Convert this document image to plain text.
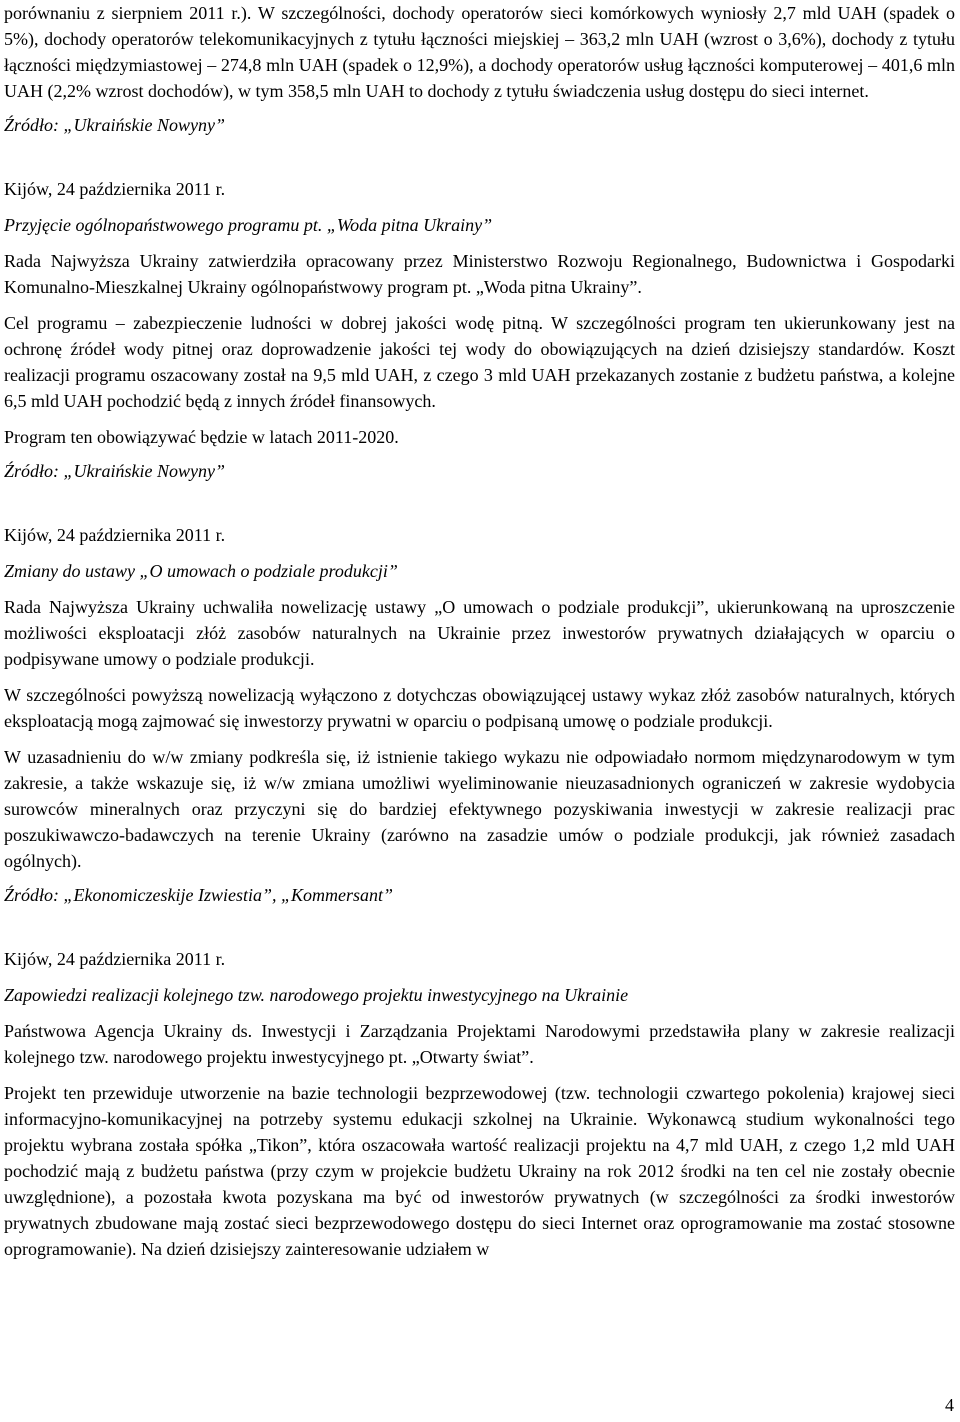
porównaniu z sierpniem 2011 r.). W szczególności, dochody operatorów sieci komórkowych wyniosły 2,7 mld UAH (spadek o 5%), dochody operatorów telekomunikacyjnych z tytułu łączności miejskiej – 363,2 mln UAH (wzrost o 3,6%), dochody z tytułu łączności międzymiastowej – 274,8 mln UAH (spadek o 12,9%), a dochody operatorów usług łączności komputerowej – 401,6 mln UAH (2,2% wzrost dochodów), w tym 358,5 mln UAH to dochody z tytułu świadczenia usług dostępu do sieci internet.

Źródło: „Ukraińskie Nowyny”

Kijów, 24 października 2011 r.

Przyjęcie ogólnopaństwowego programu pt. „Woda pitna Ukrainy”

Rada Najwyższa Ukrainy zatwierdziła opracowany przez Ministerstwo Rozwoju Regionalnego, Budownictwa i Gospodarki Komunalno-Mieszkalnej Ukrainy ogólnopaństwowy program pt. „Woda pitna Ukrainy”.

Cel programu – zabezpieczenie ludności w dobrej jakości wodę pitną. W szczególności program ten ukierunkowany jest na ochronę źródeł wody pitnej oraz doprowadzenie jakości tej wody do obowiązujących na dzień dzisiejszy standardów. Koszt realizacji programu oszacowany został na 9,5 mld UAH, z czego 3 mld UAH przekazanych zostanie z budżetu państwa, a kolejne 6,5 mld UAH pochodzić będą z innych źródeł finansowych.

Program ten obowiązywać będzie w latach 2011-2020.

Źródło: „Ukraińskie Nowyny”

Kijów, 24 października 2011 r.

Zmiany do ustawy „O umowach o podziale produkcji”

Rada Najwyższa Ukrainy uchwaliła nowelizację ustawy „O umowach o podziale produkcji”, ukierunkowaną na uproszczenie możliwości eksploatacji złóż zasobów naturalnych na Ukrainie przez inwestorów prywatnych działających w oparciu o podpisywane umowy o podziale produkcji.

W szczególności powyższą nowelizacją wyłączono z dotychczas obowiązującej ustawy wykaz złóż zasobów naturalnych, których eksploatacją mogą zajmować się inwestorzy prywatni w oparciu o podpisaną umowę o podziale produkcji.

W uzasadnieniu do w/w zmiany podkreśla się, iż istnienie takiego wykazu nie odpowiadało normom międzynarodowym w tym zakresie, a także wskazuje się, iż w/w zmiana umożliwi wyeliminowanie nieuzasadnionych ograniczeń w zakresie wydobycia surowców mineralnych oraz przyczyni się do bardziej efektywnego pozyskiwania inwestycji w zakresie realizacji prac poszukiwawczo-badawczych na terenie Ukrainy (zarówno na zasadzie umów o podziale produkcji, jak również zasadach ogólnych).

Źródło: „Ekonomiczeskije Izwiestia”, „Kommersant”

Kijów, 24 października 2011 r.

Zapowiedzi realizacji kolejnego tzw. narodowego projektu inwestycyjnego na Ukrainie

Państwowa Agencja Ukrainy ds. Inwestycji i Zarządzania Projektami Narodowymi przedstawiła plany w zakresie realizacji kolejnego tzw. narodowego projektu inwestycyjnego pt. „Otwarty świat”.

Projekt ten przewiduje utworzenie na bazie technologii bezprzewodowej (tzw. technologii czwartego pokolenia) krajowej sieci informacyjno-komunikacyjnej na potrzeby systemu edukacji szkolnej na Ukrainie. Wykonawcą studium wykonalności tego projektu wybrana została spółka „Tikon”, która oszacowała wartość realizacji projektu na 4,7 mld UAH, z czego 1,2 mld UAH pochodzić mają z budżetu państwa (przy czym w projekcie budżetu Ukrainy na rok 2012 środki na ten cel nie zostały obecnie uwzględnione), a pozostała kwota pozyskana ma być od inwestorów prywatnych (w szczególności za środki inwestorów prywatnych zbudowane mają zostać sieci bezprzewodowego dostępu do sieci Internet oraz oprogramowanie ma zostać stosowne oprogramowanie). Na dzień dzisiejszy zainteresowanie udziałem w

4
